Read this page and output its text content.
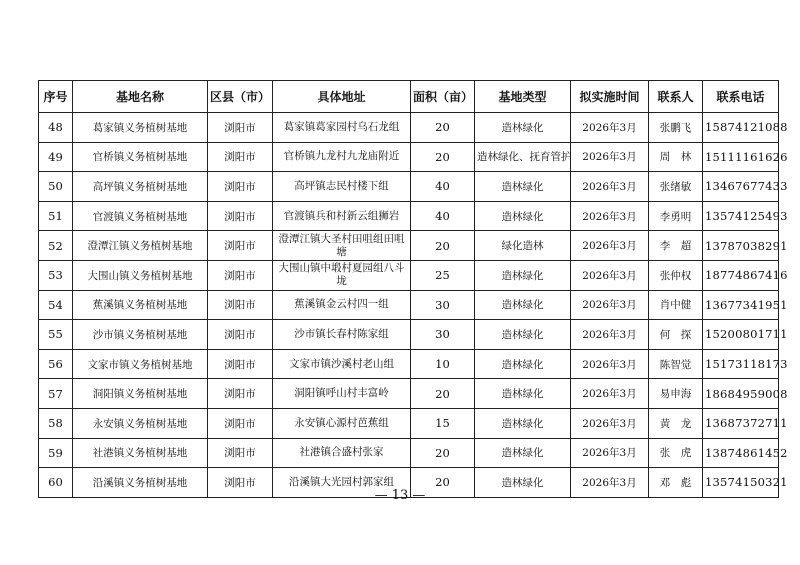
序号	基地名称	区县（市）	具体地址	面积（亩）	基地类型	拟实施时间	联系人	联系电话
48	葛家镇义务植树基地	浏阳市	葛家镇葛家园村乌石龙组	20	造林绿化	2026年3月	张鹏飞	15874121088
49	官桥镇义务植树基地	浏阳市	官桥镇九龙村九龙庙附近	20	造林绿化、抚育管护	2026年3月	周　林	15111161626
50	高坪镇义务植树基地	浏阳市	高坪镇志民村楼下组	40	造林绿化	2026年3月	张绪敏	13467677433
51	官渡镇义务植树基地	浏阳市	官渡镇兵和村新云组狮岩	40	造林绿化	2026年3月	李勇明	13574125493
52	澄潭江镇义务植树基地	浏阳市	澄潭江镇大圣村田咀组田咀塘	20	绿化造林	2026年3月	李　超	13787038291
53	大围山镇义务植树基地	浏阳市	大围山镇中塅村夏园组八斗垅	25	造林绿化	2026年3月	张仲权	18774867416
54	蕉溪镇义务植树基地	浏阳市	蕉溪镇金云村四一组	30	造林绿化	2026年3月	肖中健	13677341951
55	沙市镇义务植树基地	浏阳市	沙市镇长春村陈家组	30	造林绿化	2026年3月	何　探	15200801711
56	文家市镇义务植树基地	浏阳市	文家市镇沙溪村老山组	10	造林绿化	2026年3月	陈智觉	15173118173
57	洞阳镇义务植树基地	浏阳市	洞阳镇呼山村丰富岭	20	造林绿化	2026年3月	易申海	18684959008
58	永安镇义务植树基地	浏阳市	永安镇心源村芭蕉组	15	造林绿化	2026年3月	黄　龙	13687372711
59	社港镇义务植树基地	浏阳市	社港镇合盛村张家	20	造林绿化	2026年3月	张　虎	13874861452
60	沿溪镇义务植树基地	浏阳市	沿溪镇大光园村郭家组	20	造林绿化	2026年3月	邓　彪	13574150321
— 13 —
